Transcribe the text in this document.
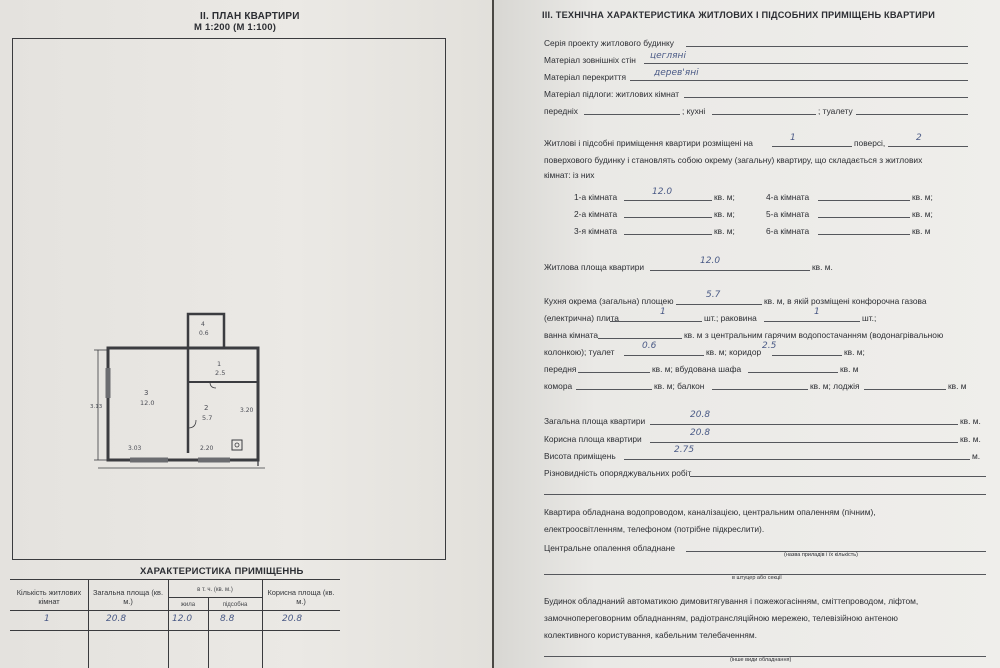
II. ПЛАН КВАРТИРИ
М 1:200 (М 1:100)
3
12.0
1
2.5
2
5.7
4
0.6
3.03	2.20
3.20
3.13
ХАРАКТЕРИСТИКА ПРИМІЩЕННЬ
Кількість житлових кімнат
Загальна площа (кв. м.)
в т. ч. (кв. м.)
жила	підсобна
Корисна площа (кв. м.)
1	20.8	12.0	8.8	20.8
III. ТЕХНІЧНА ХАРАКТЕРИСТИКА ЖИТЛОВИХ І ПІДСОБНИХ ПРИМІЩЕНЬ КВАРТИРИ
Серія проекту житлового будинку
Матеріал зовнішніх стін цегляні
Матеріал перекриття	дерев'яні
Матеріал підлоги: житлових кімнат
передніх	; кухні	; туалету
Житлові і підсобні приміщення квартири розміщені на	1	поверсі,	2
поверхового будинку і становлять собою окрему (загальну) квартиру, що складається з житлових
кімнат: із них
1-а кімната	12.0	кв. м;
2-а кімната	кв. м;
3-я кімната	кв. м;
4-а кімната	кв. м;
5-а кімната	кв. м;
6-а кімната	кв. м
Житлова площа квартири
12.0
кв. м.
Кухня окрема (загальна) площею
5.7
кв. м, в якій розміщені конфорочна газова
(електрична) плита
1
шт.; раковина
1
шт.;
ванна кімната	кв. м з центральним гарячим водопостачанням (водонагрівальною
колонкою); туалет
0.6
кв. м; коридор
2.5
кв. м;
передня	кв. м; вбудована шафа	кв. м
комора	кв. м; балкон	кв. м; лоджія	кв. м
Загальна площа квартири
20.8
кв. м.
Корисна площа квартири
20.8
кв. м.
Висота приміщень
2.75
м.
Різновидність опоряджувальних робіт
Квартира обладнана водопроводом, каналізацією, центральним опаленням (пічним),
електроосвітленням, телефоном (потрібне підкреслити).
Центральне опалення обладнане
(назва приладів і їх кількість)
в штуцер або секції
Будинок обладнаний автоматикою димовитягування і пожежогасінням, сміттепроводом, ліфтом,
замочнопереговорним обладнанням, радіотрансляційною мережею, телевізійною антеною
колективного користування, кабельним телебаченням.
(інше види обладнання)
